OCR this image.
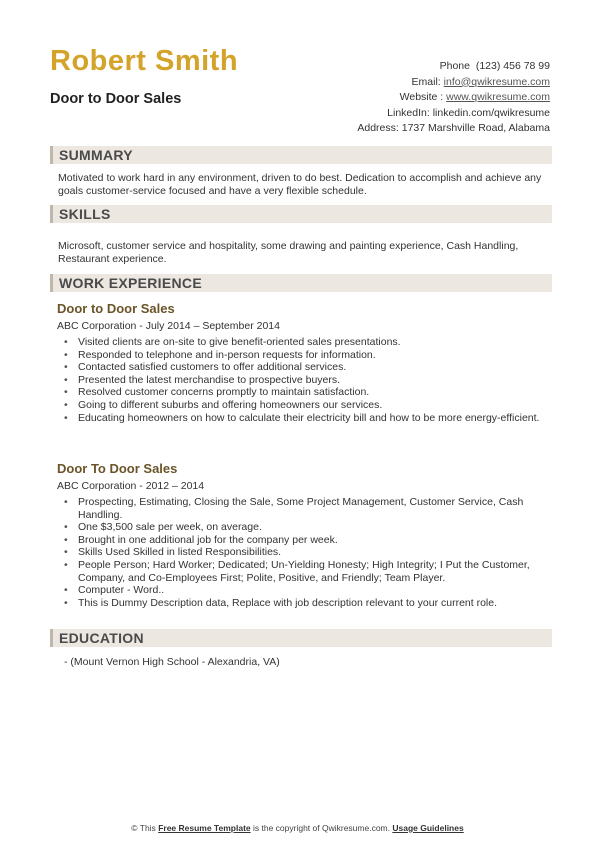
Robert Smith
Door to Door Sales
Phone (123) 456 78 99
Email: info@qwikresume.com
Website : www.qwikresume.com
LinkedIn: linkedin.com/qwikresume
Address: 1737 Marshville Road, Alabama
SUMMARY

Motivated to work hard in any environment, driven to do best. Dedication to accomplish and achieve any goals customer-service focused and have a very flexible schedule.

SKILLS

Microsoft, customer service and hospitality, some drawing and painting experience, Cash Handling, Restaurant experience.

WORK EXPERIENCE
Door to Door Sales
ABC Corporation - July 2014 – September 2014
• Visited clients are on-site to give benefit-oriented sales presentations.
• Responded to telephone and in-person requests for information.
• Contacted satisfied customers to offer additional services.
• Presented the latest merchandise to prospective buyers.
• Resolved customer concerns promptly to maintain satisfaction.
• Going to different suburbs and offering homeowners our services.
• Educating homeowners on how to calculate their electricity bill and how to be more energy-efficient.
Door To Door Sales
ABC Corporation - 2012 – 2014
• Prospecting, Estimating, Closing the Sale, Some Project Management, Customer Service, Cash Handling.
• One $3,500 sale per week, on average.
• Brought in one additional job for the company per week.
• Skills Used Skilled in listed Responsibilities.
• People Person; Hard Worker; Dedicated; Un-Yielding Honesty; High Integrity; I Put the Customer, Company, and Co-Employees First; Polite, Positive, and Friendly; Team Player.
• Computer - Word..
• This is Dummy Description data, Replace with job description relevant to your current role.
EDUCATION
- (Mount Vernon High School - Alexandria, VA)
© This Free Resume Template is the copyright of Qwikresume.com. Usage Guidelines
